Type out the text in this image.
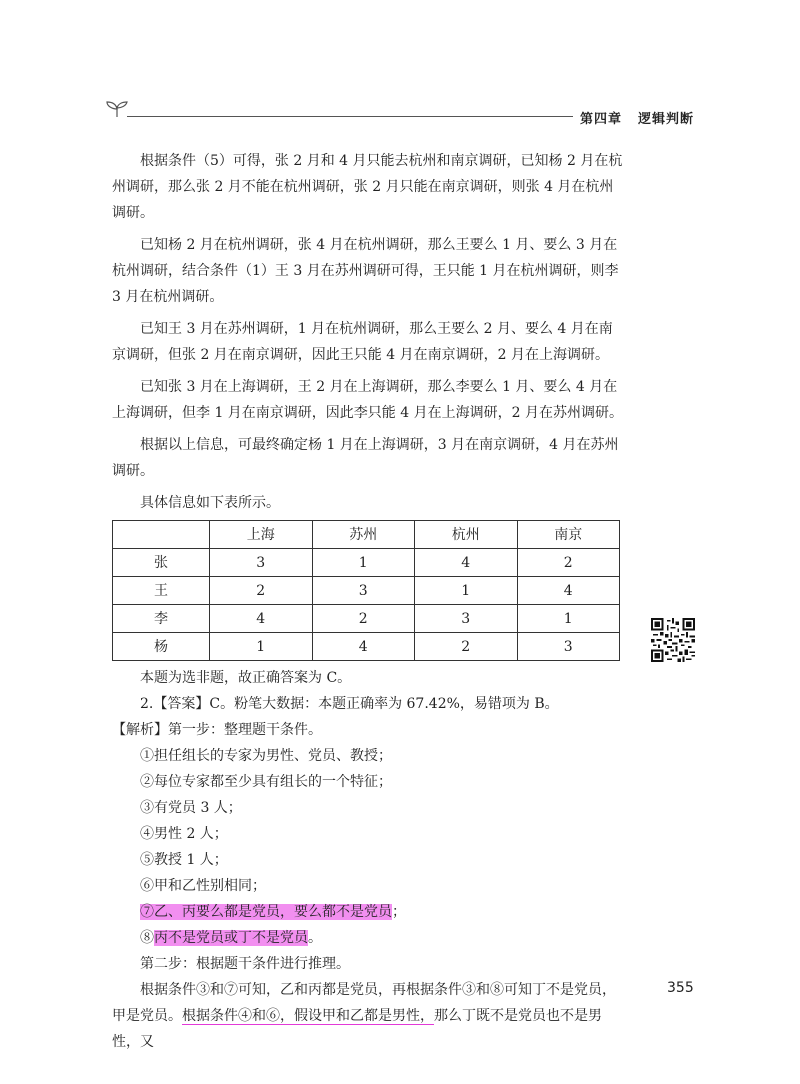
第四章 逻辑判断

根据条件（5）可得，张 2 月和 4 月只能去杭州和南京调研，已知杨 2 月在杭州调研，那么张 2 月不能在杭州调研，张 2 月只能在南京调研，则张 4 月在杭州调研。

已知杨 2 月在杭州调研，张 4 月在杭州调研，那么王要么 1 月、要么 3 月在杭州调研，结合条件（1）王 3 月在苏州调研可得，王只能 1 月在杭州调研，则李 3 月在杭州调研。

已知王 3 月在苏州调研，1 月在杭州调研，那么王要么 2 月、要么 4 月在南京调研，但张 2 月在南京调研，因此王只能 4 月在南京调研，2 月在上海调研。

已知张 3 月在上海调研，王 2 月在上海调研，那么李要么 1 月、要么 4 月在上海调研，但李 1 月在南京调研，因此李只能 4 月在上海调研，2 月在苏州调研。

根据以上信息，可最终确定杨 1 月在上海调研，3 月在南京调研，4 月在苏州调研。

具体信息如下表所示。

	上海	苏州	杭州	南京
张	3	1	4	2
王	2	3	1	4
李	4	2	3	1
杨	1	4	2	3

本题为选非题，故正确答案为 C。

2.【答案】C。粉笔大数据：本题正确率为 67.42%，易错项为 B。

【解析】第一步：整理题干条件。

①担任组长的专家为男性、党员、教授；

②每位专家都至少具有组长的一个特征；

③有党员 3 人；

④男性 2 人；

⑤教授 1 人；

⑥甲和乙性别相同；

⑦乙、丙要么都是党员，要么都不是党员；

⑧丙不是党员或丁不是党员。

第二步：根据题干条件进行推理。

根据条件③和⑦可知，乙和丙都是党员，再根据条件③和⑧可知丁不是党员，甲是党员。根据条件④和⑥，假设甲和乙都是男性，那么丁既不是党员也不是男性，又

355
